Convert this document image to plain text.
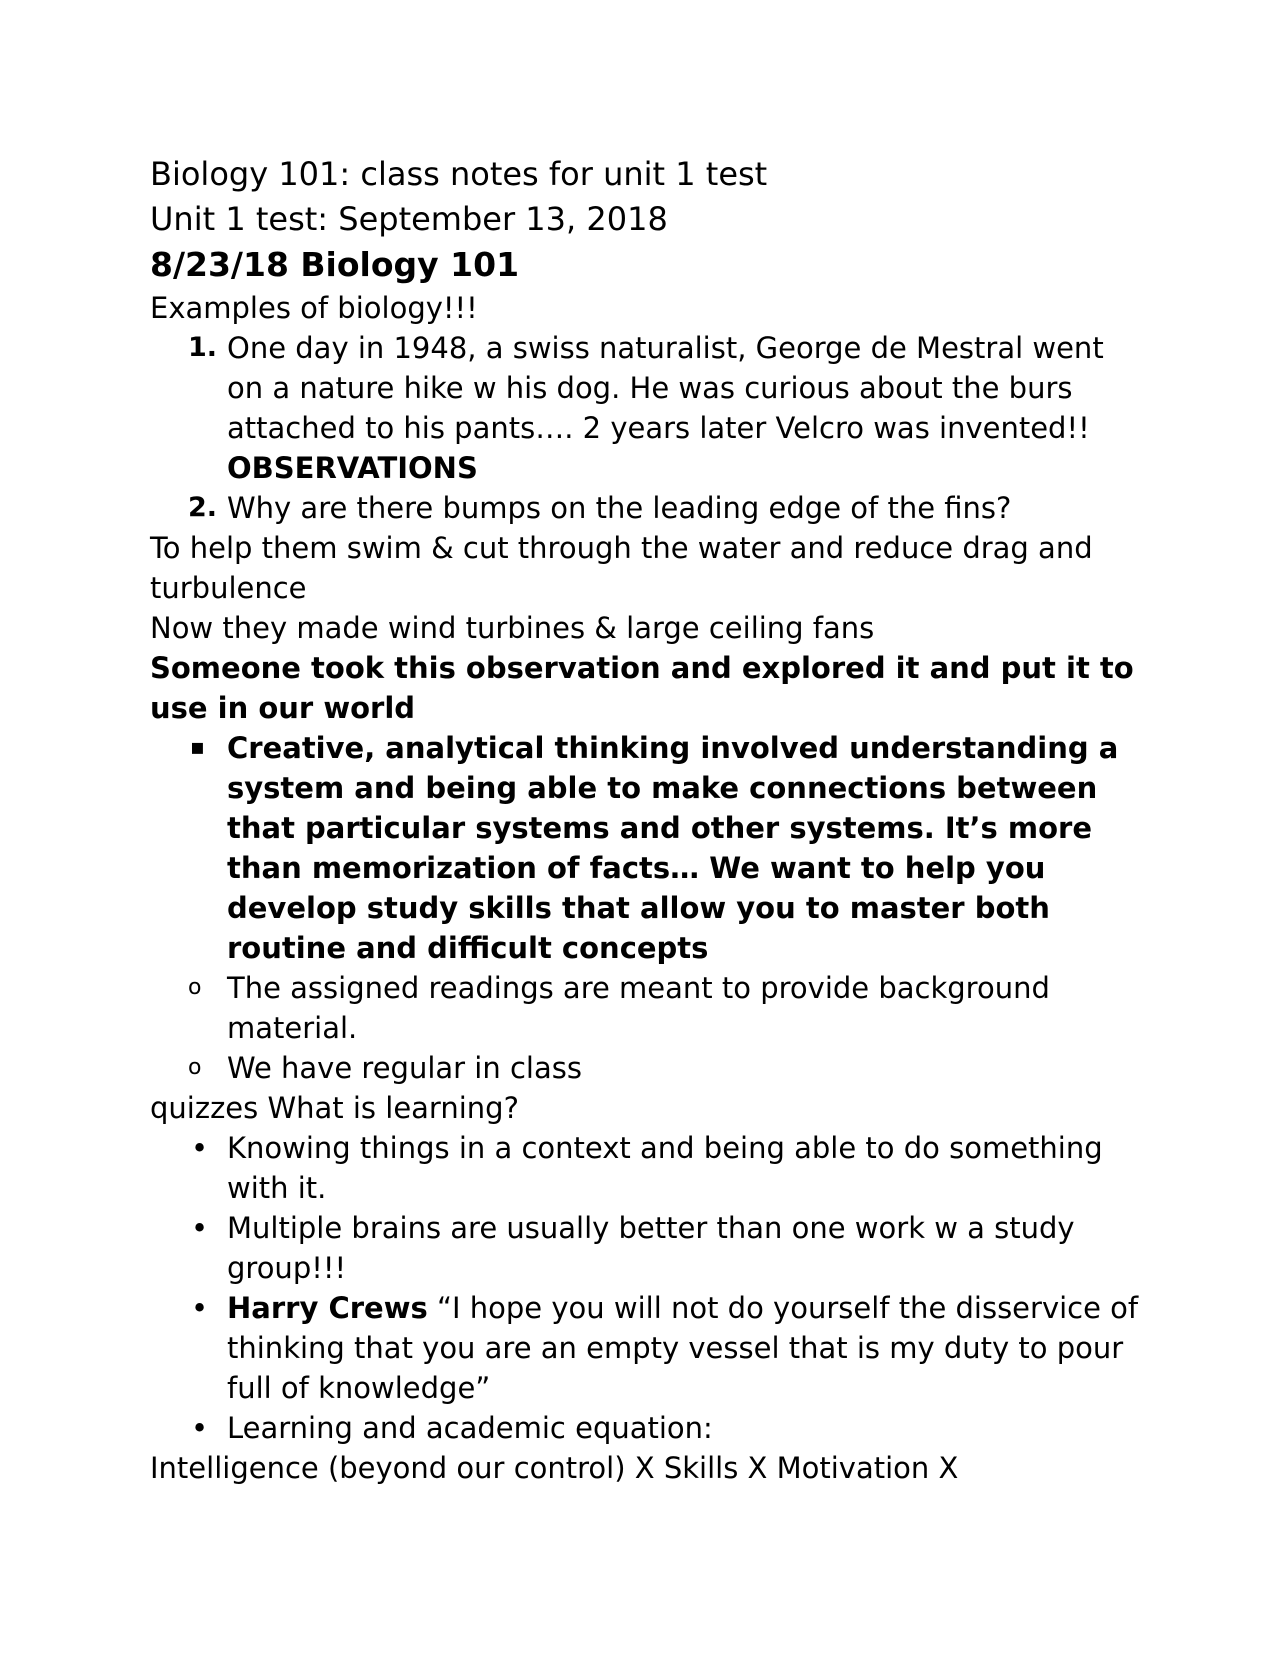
Biology 101: class notes for unit 1 test Unit 1 test: September 13, 2018
8/23/18 Biology 101
Examples of biology!!!
1. One day in 1948, a swiss naturalist, George de Mestral went on a nature hike w his dog. He was curious about the burs attached to his pants…. 2 years later Velcro was invented!! OBSERVATIONS
2. Why are there bumps on the leading edge of the fins?
To help them swim & cut through the water and reduce drag and turbulence
Now they made wind turbines & large ceiling fans
Someone took this observation and explored it and put it to use in our world
▪ Creative, analytical thinking involved understanding a system and being able to make connections between that particular systems and other systems. It’s more than memorization of facts… We want to help you develop study skills that allow you to master both routine and difficult concepts
o The assigned readings are meant to provide background material.
o We have regular in class
quizzes What is learning?
• Knowing things in a context and being able to do something with it.
• Multiple brains are usually better than one work w a study group!!!
• Harry Crews “I hope you will not do yourself the disservice of thinking that you are an empty vessel that is my duty to pour full of knowledge”
• Learning and academic equation:
Intelligence (beyond our control) X Skills X Motivation X
